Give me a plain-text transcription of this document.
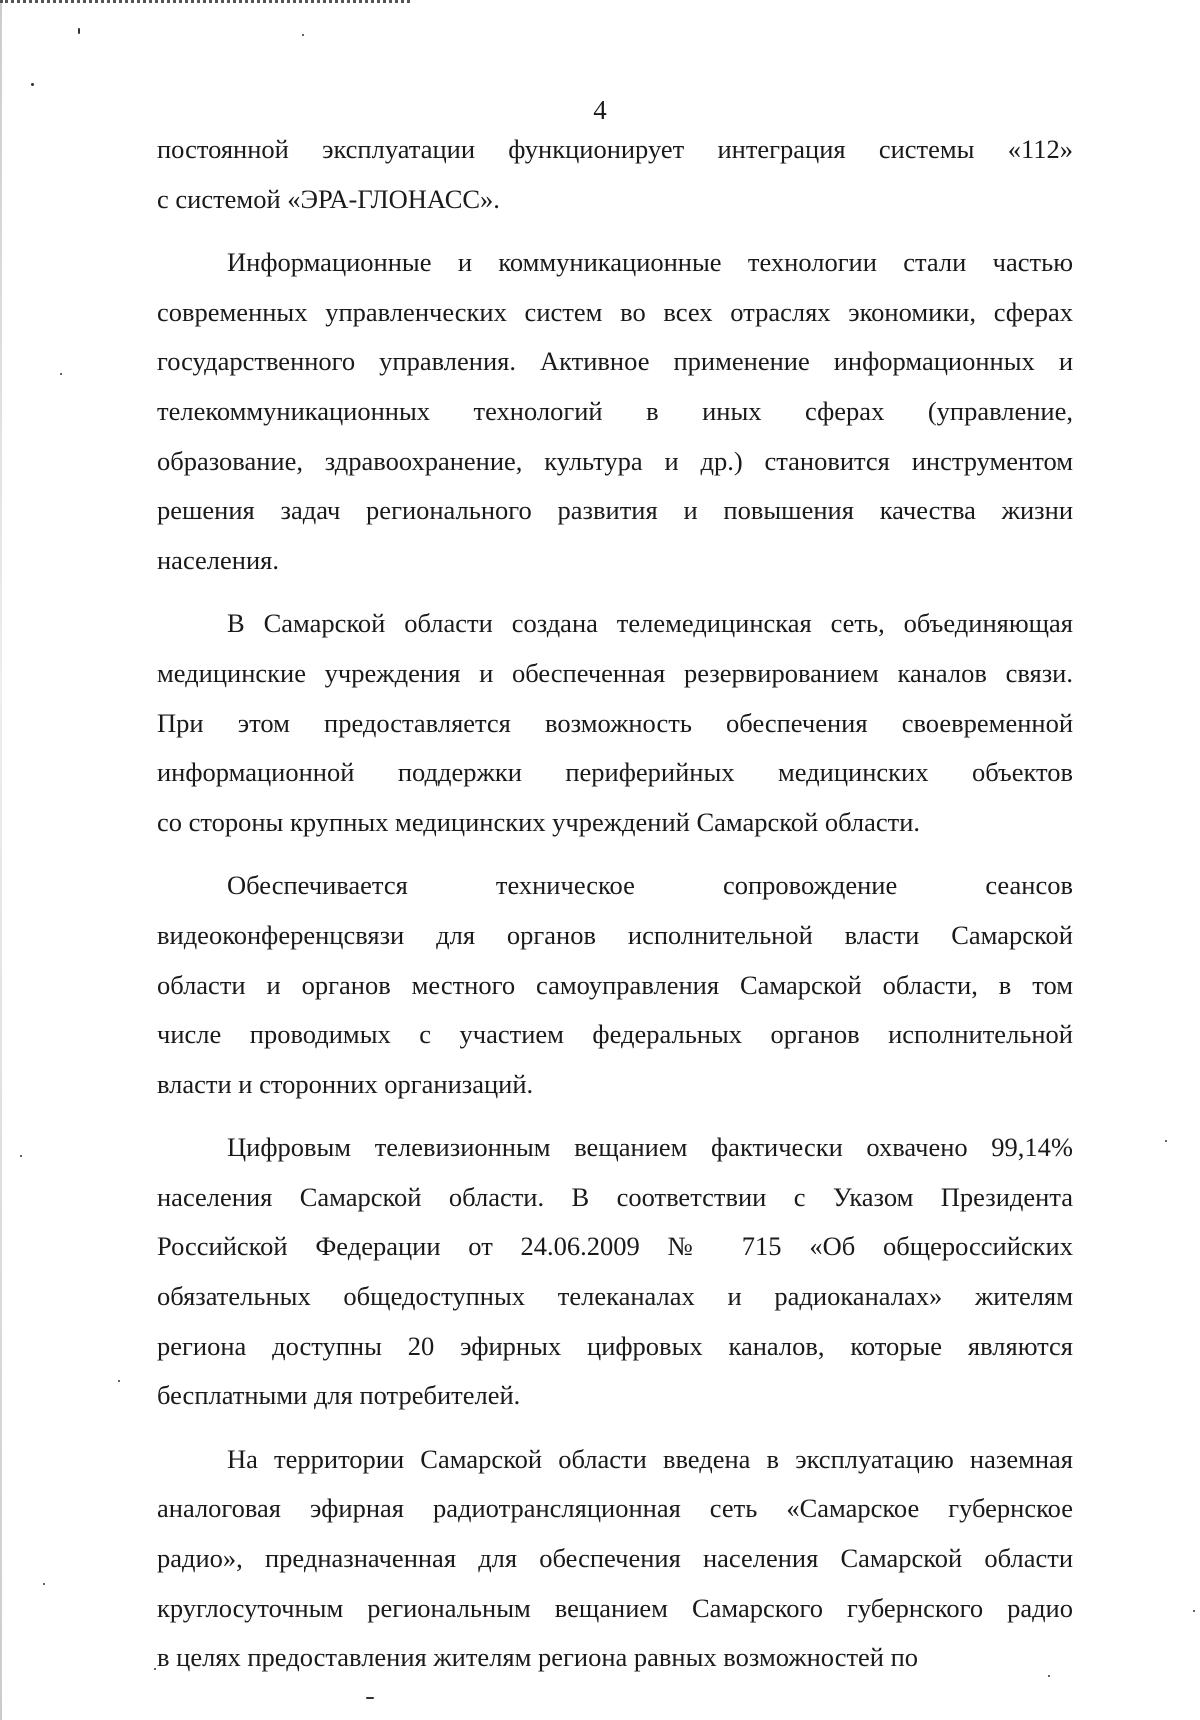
4

постоянной эксплуатации функционирует интеграция системы «112»
с системой «ЭРА-ГЛОНАСС».

Информационные и коммуникационные технологии стали частью
современных управленческих систем во всех отраслях экономики, сферах
государственного управления. Активное применение информационных и
телекоммуникационных технологий в иных сферах (управление,
образование, здравоохранение, культура и др.) становится инструментом
решения задач регионального развития и повышения качества жизни
населения.

В Самарской области создана телемедицинская сеть, объединяющая
медицинские учреждения и обеспеченная резервированием каналов связи.
При этом предоставляется возможность обеспечения своевременной
информационной поддержки периферийных медицинских объектов
со стороны крупных медицинских учреждений Самарской области.

Обеспечивается техническое сопровождение сеансов
видеоконференцсвязи для органов исполнительной власти Самарской
области и органов местного самоуправления Самарской области, в том
числе проводимых с участием федеральных органов исполнительной
власти и сторонних организаций.

Цифровым телевизионным вещанием фактически охвачено 99,14%
населения Самарской области. В соответствии с Указом Президента
Российской Федерации от 24.06.2009 № 715 «Об общероссийских
обязательных общедоступных телеканалах и радиоканалах» жителям
региона доступны 20 эфирных цифровых каналов, которые являются
бесплатными для потребителей.

На территории Самарской области введена в эксплуатацию наземная
аналоговая эфирная радиотрансляционная сеть «Самарское губернское
радио», предназначенная для обеспечения населения Самарской области
круглосуточным региональным вещанием Самарского губернского радио
в целях предоставления жителям региона равных возможностей по
